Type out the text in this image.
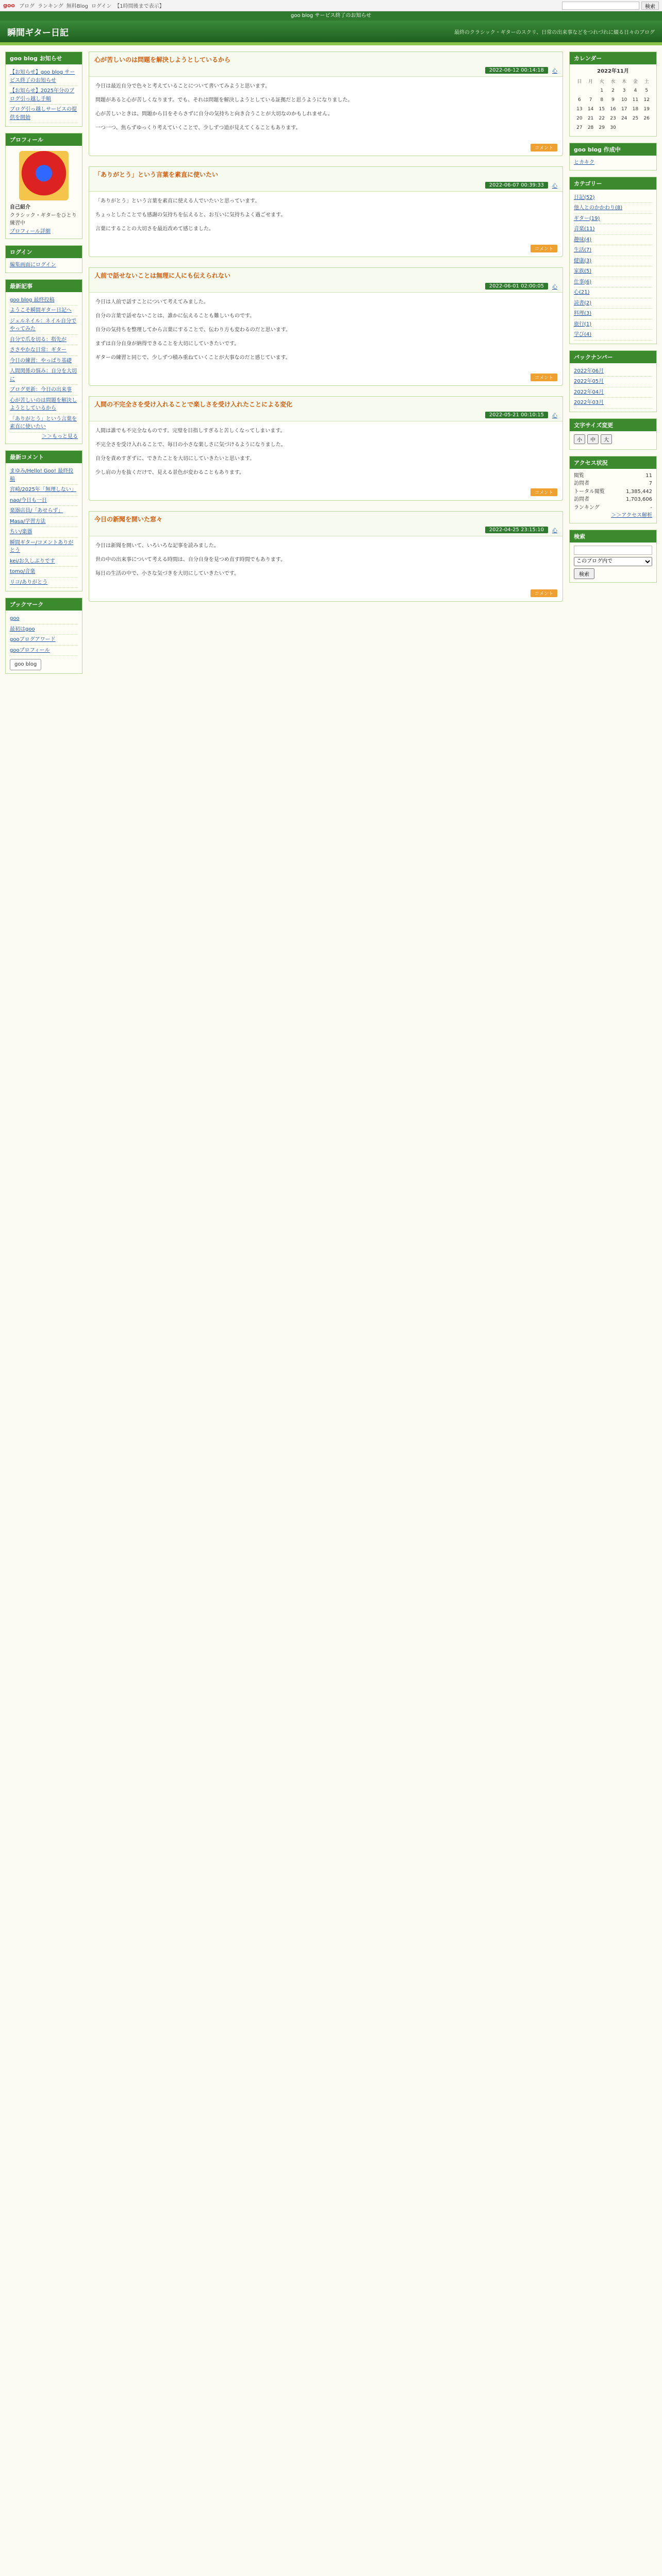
goo ブログ ランキング 無料Blog ログイン 【1時間後まで表示】	検索
goo blog サービス終了のお知らせ
瞬間ギター日記	最終のクラシック・ギターのスクリ、日常の出来事などをつれづれに綴る日々のブログ
goo blog お知らせ
【お知らせ】goo blog サービス終了のお知らせ
【お知らせ】2025年分のブログ引っ越し手順
ブログ引っ越しサービスの提供を開始
プロフィール
自己紹介
クラシック・ギターをひとり練習中
プロフィール詳細
ログイン
編集画面にログイン
最新記事
goo blog 最終投稿
ようこそ瞬間ギター日記へ
ジェルネイル：ネイル自分でやってみた
自分で爪を切る：指先が
ささやかな日常：ギター
今日の練習：やっぱり基礎
人間関係の悩み：自分を大切に
ブログ更新：今日の出来事
心が苦しいのは問題を解決しようとしているから
「ありがとう」という言葉を素直に使いたい
＞＞もっと見る
最新コメント
まゆみ/Hello! Goo! 最終投稿
宮崎/2025年「無理しない」
nao/今日も一日
楽器店員/「あせらず」
Masa/学習方法
ちい/楽器
瞬間ギター/コメントありがとう
kei/お久しぶりです
tomo/音楽
リコ/ありがとう
ブックマーク
goo
最初はgoo
gooブログアワード
gooプロフィール
goo blog
心が苦しいのは問題を解決しようとしているから
2022-06-12 00:14:18	心

今日は最近自分で色々と考えていることについて書いてみようと思います。

問題があると心が苦しくなります。でも、それは問題を解決しようとしている証拠だと思うようになりました。

心が苦しいときは、問題から目をそらさずに自分の気持ちと向き合うことが大切なのかもしれません。

一つ一つ、焦らずゆっくり考えていくことで、少しずつ道が見えてくることもあります。

コメント
「ありがとう」という言葉を素直に使いたい
2022-06-07 00:39:33	心

「ありがとう」という言葉を素直に使える人でいたいと思っています。

ちょっとしたことでも感謝の気持ちを伝えると、お互いに気持ちよく過ごせます。

言葉にすることの大切さを最近改めて感じました。

コメント
人前で話せないことは無理に人にも伝えられない
2022-06-01 02:00:05	心

今日は人前で話すことについて考えてみました。

自分の言葉で話せないことは、誰かに伝えることも難しいものです。

自分の気持ちを整理してから言葉にすることで、伝わり方も変わるのだと思います。

まずは自分自身が納得できることを大切にしていきたいです。

ギターの練習と同じで、少しずつ積み重ねていくことが大事なのだと感じています。

コメント
人間の不完全さを受け入れることで楽しさを受け入れたことによる変化
2022-05-21 00:10:15	心

人間は誰でも不完全なものです。完璧を目指しすぎると苦しくなってしまいます。

不完全さを受け入れることで、毎日の小さな楽しさに気づけるようになりました。

自分を責めすぎずに、できたことを大切にしていきたいと思います。

少し肩の力を抜くだけで、見える景色が変わることもあります。

コメント
今日の新聞を開いた窓々
2022-04-25 23:15:10	心

今日は新聞を開いて、いろいろな記事を読みました。

世の中の出来事について考える時間は、自分自身を見つめ直す時間でもあります。

毎日の生活の中で、小さな気づきを大切にしていきたいです。

コメント
カレンダー
2022年11月
日	月	火	水	木	金	土
		1	2	3	4	5
6	7	8	9	10	11	12
13	14	15	16	17	18	19
20	21	22	23	24	25	26
27	28	29	30			
goo blog 作成中
ヒカキク
カテゴリー
日記(52)
他人とのかかわり(8)
ギター(19)
音楽(11)
趣味(4)
生活(7)
健康(3)
家族(5)
仕事(6)
心(21)
読書(2)
料理(3)
旅行(1)
学び(4)
バックナンバー
2022年06月
2022年05月
2022年04月
2022年03月
文字サイズ変更
小	中	大
アクセス状況
閲覧	11
訪問者	7
トータル閲覧	1,385,442
訪問者	1,703,606
ランキング	-
＞＞アクセス解析
検索

このブログ内で
検索
